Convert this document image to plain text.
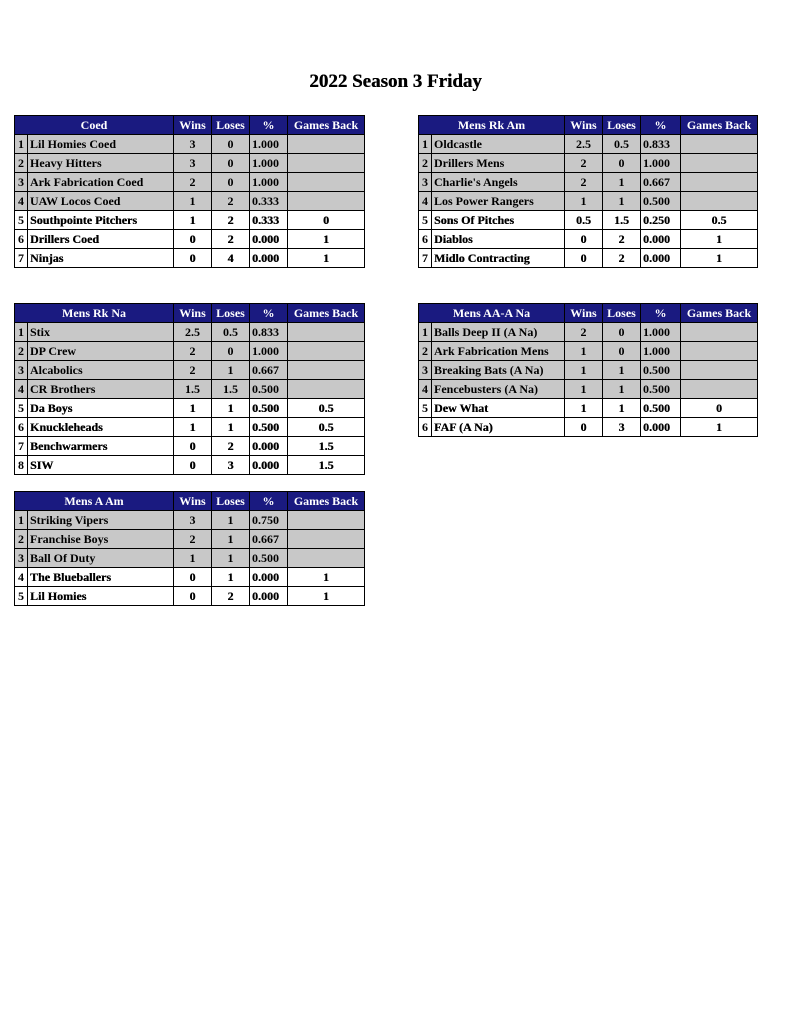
2022 Season 3 Friday
Coed		Wins	Loses	%	Games Back
1	Lil Homies Coed	3	0	1.000	
2	Heavy Hitters	3	0	1.000	
3	Ark Fabrication Coed	2	0	1.000	
4	UAW Locos Coed	1	2	0.333	
5	Southpointe Pitchers	1	2	0.333	0
6	Drillers Coed	0	2	0.000	1
7	Ninjas	0	4	0.000	1
Mens Rk Am		Wins	Loses	%	Games Back
1	Oldcastle	2.5	0.5	0.833	
2	Drillers Mens	2	0	1.000	
3	Charlie's Angels	2	1	0.667	
4	Los Power Rangers	1	1	0.500	
5	Sons Of Pitches	0.5	1.5	0.250	0.5
6	Diablos	0	2	0.000	1
7	Midlo Contracting	0	2	0.000	1
Mens Rk Na		Wins	Loses	%	Games Back
1	Stix	2.5	0.5	0.833	
2	DP Crew	2	0	1.000	
3	Alcabolics	2	1	0.667	
4	CR Brothers	1.5	1.5	0.500	
5	Da Boys	1	1	0.500	0.5
6	Knuckleheads	1	1	0.500	0.5
7	Benchwarmers	0	2	0.000	1.5
8	SIW	0	3	0.000	1.5
Mens AA-A Na		Wins	Loses	%	Games Back
1	Balls Deep II (A Na)	2	0	1.000	
2	Ark Fabrication Mens	1	0	1.000	
3	Breaking Bats (A Na)	1	1	0.500	
4	Fencebusters (A Na)	1	1	0.500	
5	Dew What	1	1	0.500	0
6	FAF (A Na)	0	3	0.000	1
Mens A Am		Wins	Loses	%	Games Back
1	Striking Vipers	3	1	0.750	
2	Franchise Boys	2	1	0.667	
3	Ball Of Duty	1	1	0.500	
4	The Blueballers	0	1	0.000	1
5	Lil Homies	0	2	0.000	1
